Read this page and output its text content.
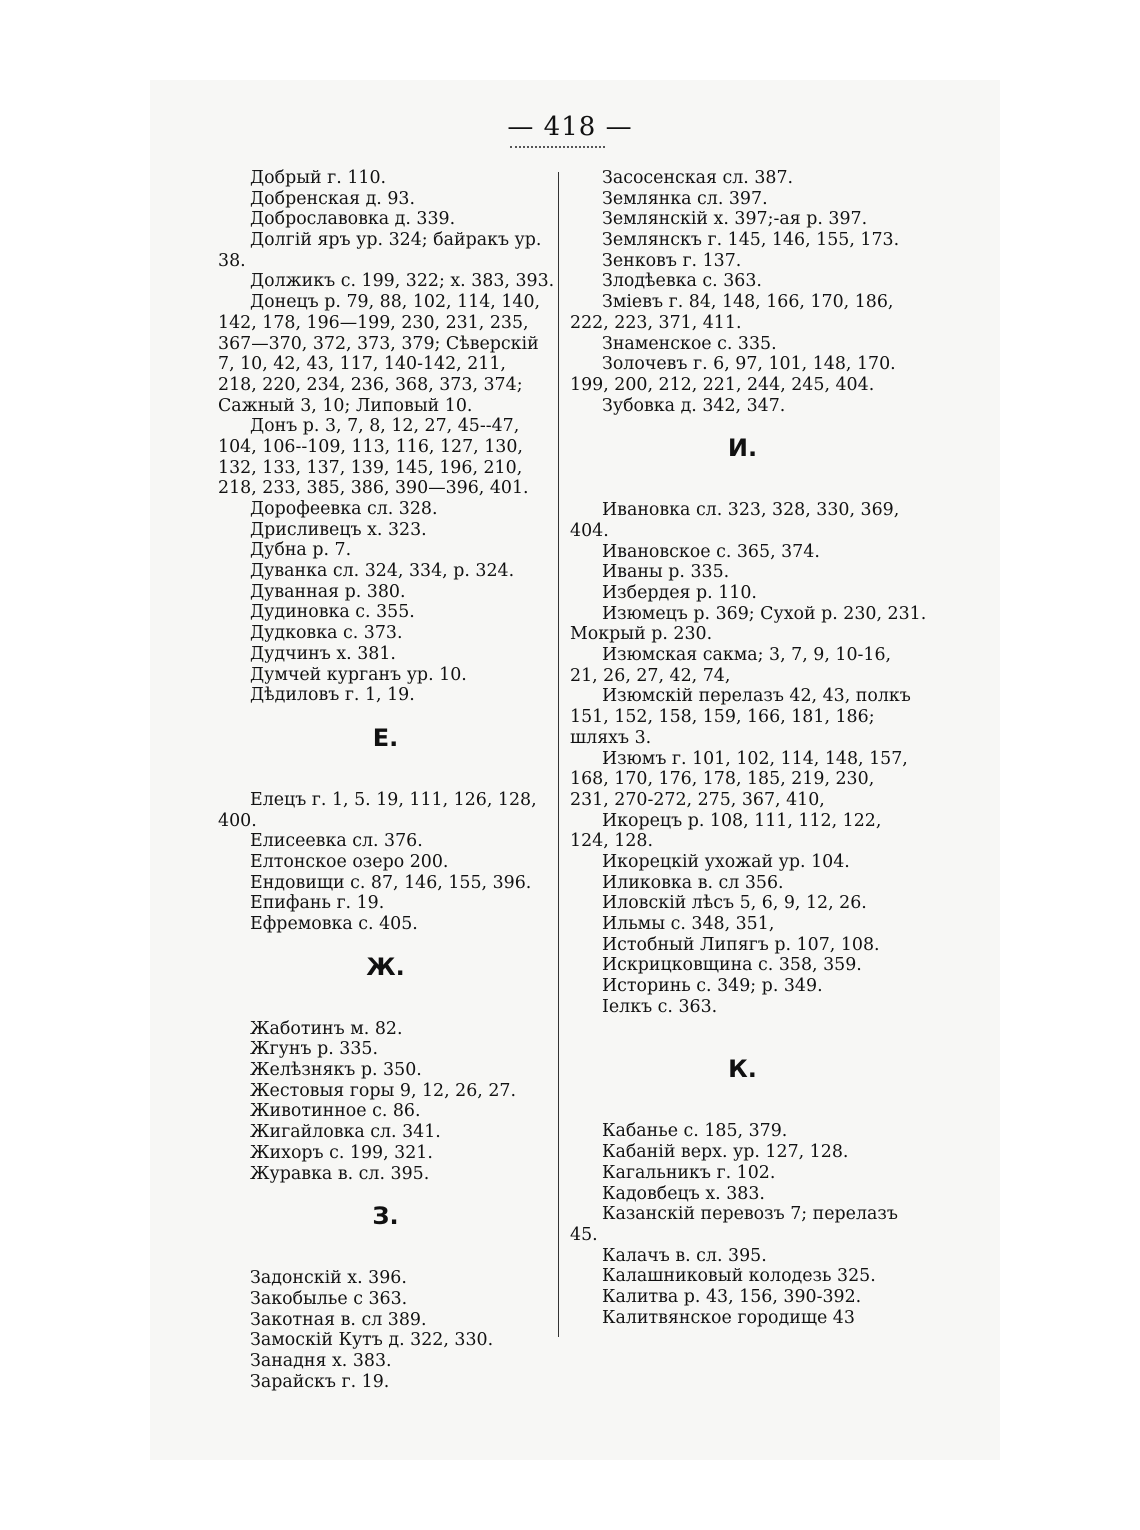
— 418 —
Добрый г. 110.
Добренская д. 93.
Доброславовка д. 339.
Долгій яръ ур. 324; байракъ ур.
38.
Должикъ с. 199, 322; х. 383, 393.
Донецъ р. 79, 88, 102, 114, 140,
142, 178, 196—199, 230, 231, 235,
367—370, 372, 373, 379; Сѣверскій
7, 10, 42, 43, 117, 140-142, 211,
218, 220, 234, 236, 368, 373, 374;
Сажный 3, 10; Липовый 10.
Донъ р. 3, 7, 8, 12, 27, 45--47,
104, 106--109, 113, 116, 127, 130,
132, 133, 137, 139, 145, 196, 210,
218, 233, 385, 386, 390—396, 401.
Дорофеевка сл. 328.
Дрисливецъ х. 323.
Дубна р. 7.
Дуванка сл. 324, 334, р. 324.
Дуванная р. 380.
Дудиновка с. 355.
Дудковка с. 373.
Дудчинъ х. 381.
Думчей курганъ ур. 10.
Дѣдиловъ г. 1, 19.
Е.
Елецъ г. 1, 5. 19, 111, 126, 128,
400.
Елисеевка сл. 376.
Елтонское озеро 200.
Ендовищи с. 87, 146, 155, 396.
Епифань г. 19.
Ефремовка с. 405.
Ж.
Жаботинъ м. 82.
Жгунъ р. 335.
Желѣзнякъ р. 350.
Жестовыя горы 9, 12, 26, 27.
Животинное с. 86.
Жигайловка сл. 341.
Жихоръ с. 199, 321.
Журавка в. сл. 395.
З.
Задонскій х. 396.
Закобылье с 363.
Закотная в. сл 389.
Замоскій Кутъ д. 322, 330.
Занадня х. 383.
Зарайскъ г. 19.
Засосенская сл. 387.
Землянка сл. 397.
Землянскій х. 397;-ая р. 397.
Землянскъ г. 145, 146, 155, 173.
Зенковъ г. 137.
Злодѣевка с. 363.
Зміевъ г. 84, 148, 166, 170, 186,
222, 223, 371, 411.
Знаменское с. 335.
Золочевъ г. 6, 97, 101, 148, 170.
199, 200, 212, 221, 244, 245, 404.
Зубовка д. 342, 347.
И.
Ивановка сл. 323, 328, 330, 369,
404.
Ивановское с. 365, 374.
Иваны р. 335.
Избердея р. 110.
Изюмецъ р. 369; Сухой р. 230, 231.
Мокрый р. 230.
Изюмская сакма; 3, 7, 9, 10-16,
21, 26, 27, 42, 74,
Изюмскій перелазъ 42, 43, полкъ
151, 152, 158, 159, 166, 181, 186;
шляхъ 3.
Изюмъ г. 101, 102, 114, 148, 157,
168, 170, 176, 178, 185, 219, 230,
231, 270-272, 275, 367, 410,
Икорецъ р. 108, 111, 112, 122,
124, 128.
Икорецкій ухожай ур. 104.
Иликовка в. сл 356.
Иловскій лѣсъ 5, 6, 9, 12, 26.
Ильмы с. 348, 351,
Истобный Липягъ р. 107, 108.
Искрицковщина с. 358, 359.
Историнь с. 349; р. 349.
Іелкъ с. 363.
К.
Кабанье с. 185, 379.
Кабаній верх. ур. 127, 128.
Кагальникъ г. 102.
Кадовбецъ х. 383.
Казанскій перевозъ 7; перелазъ
45.
Калачъ в. сл. 395.
Калашниковый колодезь 325.
Калитва р. 43, 156, 390-392.
Калитвянское городище 43
